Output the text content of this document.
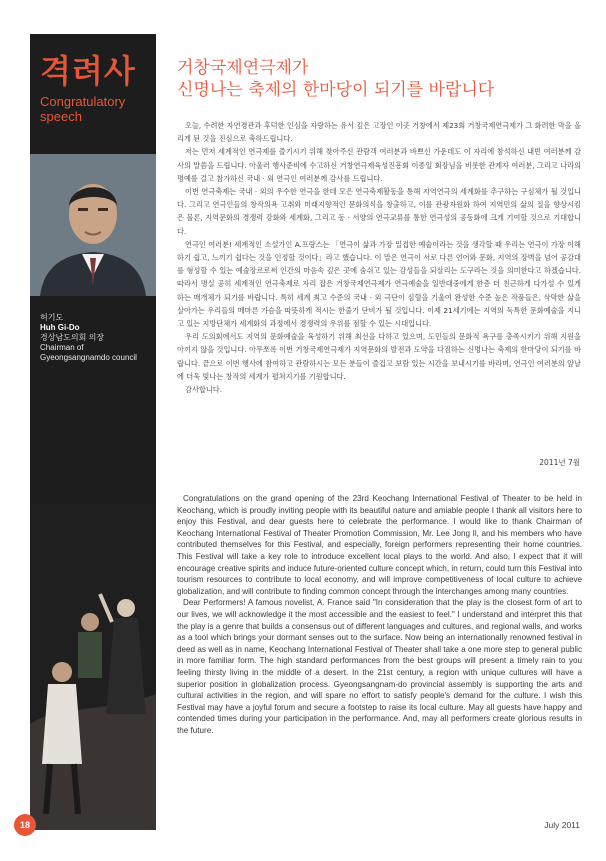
격려사
Congratulatory speech
허기도
Huh Gi-Do
경상남도의회 의장
Chairman of
Gyeongsangnamdo council
거창국제연극제가
신명나는 축제의 한마당이 되기를 바랍니다

오늘, 수려한 자연경관과 후덕한 인심을 자랑하는 유서 깊은 고장인 이곳 거창에서 제23회 거창국제연극제가 그 화려한 막을 올리게 된 것을 진심으로 축하드립니다.

저는 먼저 세계적인 연극제를 즐기시기 위해 찾아주신 관람객 여러분과 바쁘신 가운데도 이 자리에 참석하신 내빈 여러분께 감사의 말씀을 드립니다. 아울러 행사준비에 수고하신 거창연극제육성진흥회 이종일 회장님을 비롯한 관계자 여러분, 그리고 나라의 명예를 걸고 참가하신 국내 · 외 연극인 여러분께 감사를 드립니다.

이번 연극축제는 국내 · 외의 우수한 연극을 한데 모은 연극축제활동을 통해 지역연극의 세계화를 추구하는 구심체가 될 것입니다. 그리고 연극인들의 창작의욕 고취와 미래지향적인 문화의식을 창출하고, 이를 관광자원화 하여 지역민의 삶의 질을 향상시킴은 물론, 지역문화의 경쟁력 강화와 세계화, 그리고 동 · 서양의 연극교류를 통한 연극성의 공동화에 크게 기여할 것으로 기대합니다.

연극인 여러분! 세계적인 소설가인 A.프랑스는 「연극이 삶과 가장 밀접한 예술이라는 것을 생각할 때 우리는 연극이 가장 이해하기 쉽고, 느끼기 쉽다는 것을 인정할 것이다」라고 했습니다. 이 말은 연극이 서로 다른 언어와 문화, 지역의 장벽을 넘어 공감대를 형성할 수 있는 예술장르로써 인간의 마음속 깊은 곳에 숨쉬고 있는 감성들을 되살리는 도구라는 것을 의미한다고 하겠습니다. 따라서 명실 공히 세계적인 연극축제로 자리 잡은 거창국제연극제가 연극예술을 일반대중에게 한층 더 친근하게 다가설 수 있게 하는 매개체가 되기를 바랍니다. 특히 세계 최고 수준의 국내 · 외 극단이 심혈을 기울여 완성한 수준 높은 작품들은, 삭막한 삶을 살아가는 우리들의 메마른 가슴을 따뜻하게 적시는 한줄기 단비가 될 것입니다. 이제 21세기에는 지역의 독특한 문화예술을 지니고 있는 지방단체가 세계화의 과정에서 경쟁력의 우위를 점할 수 있는 시대입니다.

우리 도의회에서도 지역의 문화예술을 육성하기 위해 최선을 다하고 있으며, 도민들의 문화적 욕구를 충족시키기 위해 지원을 아끼지 않을 것입니다. 아무쪼록 이번 거창국제연극제가 지역문화의 발전과 도약을 다짐하는 신명나는 축제의 한마당이 되기를 바랍니다. 끝으로 이번 행사에 참여하고 관람하시는 모든 분들이 즐겁고 보람 있는 시간을 보내시기를 바라며, 연극인 여러분의 앞날에 더욱 빛나는 창작의 세계가 펼쳐지기를 기원합니다.

감사합니다.

2011년 7월

Congratulations on the grand opening of the 23rd Keochang International Festival of Theater to be held in Keochang, which is proudly inviting people with its beautiful nature and amiable people I thank all visitors here to enjoy this Festival, and dear guests here to celebrate the performance. I would like to thank Chairman of Keochang International Festival of Theater Promotion Commission, Mr. Lee Jong Il, and his members who have contributed themselves for this Festival, and especially, foreign performers representing their home countries. This Festival will take a key role to introduce excellent local plays to the world. And also, I expect that it will encourage creative spirits and induce future-oriented culture concept which, in return, could turn this Festival into tourism resources to contribute to local economy, and will improve competitiveness of local culture to achieve globalization, and will contribute to finding common concept through the interchanges among many countries.

Dear Performers! A famous novelist, A. France said "In consideration that the play is the closest form of art to our lives, we will acknowledge it the most accessible and the easiest to feel." I understand and interpret this that the play is a genre that builds a consensus out of different languages and cultures, and regional walls, and works as a tool which brings your dormant senses out to the surface. Now being an internationally renowned festival in deed as well as in name, Keochang International Festival of Theater shall take a one more step to general public in more familiar form. The high standard performances from the best groups will present a timely rain to you feeling thirsty living in the middle of a desert. In the 21st century, a region with unique cultures will have a superior position in globalization process. Gyeongsangnam-do provincial assembly is supporting the arts and cultural activities in the region, and will spare no effort to satisfy people's demand for the culture. I wish this Festival may have a joyful forum and secure a footstep to raise its local culture. May all guests have happy and contended times during your participation in the performance. And, may all performers create glorious results in the future.

18	July 2011
